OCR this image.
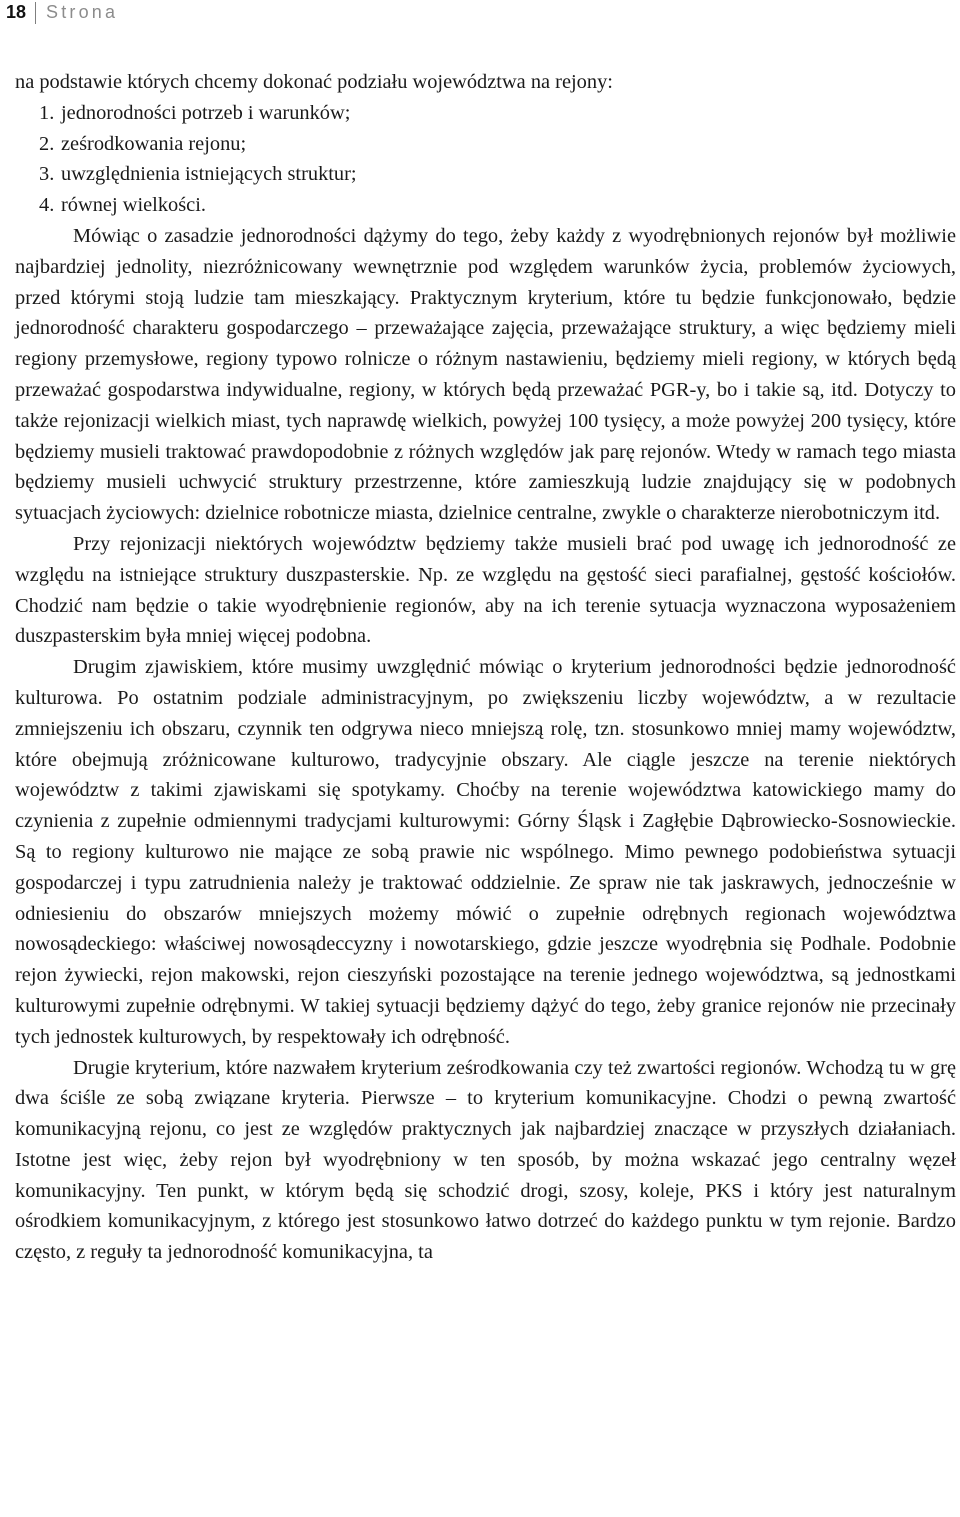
18 Strona

na podstawie których chcemy dokonać podziału województwa na rejony:

1. jednorodności potrzeb i warunków;
2. ześrodkowania rejonu;
3. uwzględnienia istniejących struktur;
4. równej wielkości.

Mówiąc o zasadzie jednorodności dążymy do tego, żeby każdy z wyodrębnionych rejonów był możliwie najbardziej jednolity, niezróżnicowany wewnętrznie pod względem warunków życia, problemów życiowych, przed którymi stoją ludzie tam mieszkający. Praktycznym kryterium, które tu będzie funkcjonowało, będzie jednorodność charakteru gospodarczego – przeważające zajęcia, przeważające struktury, a więc będziemy mieli regiony przemysłowe, regiony typowo rolnicze o różnym nastawieniu, będziemy mieli regiony, w których będą przeważać gospodarstwa indywidualne, regiony, w których będą przeważać PGR-y, bo i takie są, itd. Dotyczy to także rejonizacji wielkich miast, tych naprawdę wielkich, powyżej 100 tysięcy, a może powyżej 200 tysięcy, które będziemy musieli traktować prawdopodobnie z różnych względów jak parę rejonów. Wtedy w ramach tego miasta będziemy musieli uchwycić struktury przestrzenne, które zamieszkują ludzie znajdujący się w podobnych sytuacjach życiowych: dzielnice robotnicze miasta, dzielnice centralne, zwykle o charakterze nierobotniczym itd.

Przy rejonizacji niektórych województw będziemy także musieli brać pod uwagę ich jednorodność ze względu na istniejące struktury duszpasterskie. Np. ze względu na gęstość sieci parafialnej, gęstość kościołów. Chodzić nam będzie o takie wyodrębnienie regionów, aby na ich terenie sytuacja wyznaczona wyposażeniem duszpasterskim była mniej więcej podobna.

Drugim zjawiskiem, które musimy uwzględnić mówiąc o kryterium jednorodności będzie jednorodność kulturowa. Po ostatnim podziale administracyjnym, po zwiększeniu liczby województw, a w rezultacie zmniejszeniu ich obszaru, czynnik ten odgrywa nieco mniejszą rolę, tzn. stosunkowo mniej mamy województw, które obejmują zróżnicowane kulturowo, tradycyjnie obszary. Ale ciągle jeszcze na terenie niektórych województw z takimi zjawiskami się spotykamy. Choćby na terenie województwa katowickiego mamy do czynienia z zupełnie odmiennymi tradycjami kulturowymi: Górny Śląsk i Zagłębie Dąbrowiecko-Sosnowieckie. Są to regiony kulturowo nie mające ze sobą prawie nic wspólnego. Mimo pewnego podobieństwa sytuacji gospodarczej i typu zatrudnienia należy je traktować oddzielnie. Ze spraw nie tak jaskrawych, jednocześnie w odniesieniu do obszarów mniejszych możemy mówić o zupełnie odrębnych regionach województwa nowosądeckiego: właściwej nowosądeccyzny i nowotarskiego, gdzie jeszcze wyodrębnia się Podhale. Podobnie rejon żywiecki, rejon makowski, rejon cieszyński pozostające na terenie jednego województwa, są jednostkami kulturowymi zupełnie odrębnymi. W takiej sytuacji będziemy dążyć do tego, żeby granice rejonów nie przecinały tych jednostek kulturowych, by respektowały ich odrębność.

Drugie kryterium, które nazwałem kryterium ześrodkowania czy też zwartości regionów. Wchodzą tu w grę dwa ściśle ze sobą związane kryteria. Pierwsze – to kryterium komunikacyjne. Chodzi o pewną zwartość komunikacyjną rejonu, co jest ze względów praktycznych jak najbardziej znaczące w przyszłych działaniach. Istotne jest więc, żeby rejon był wyodrębniony w ten sposób, by można wskazać jego centralny węzeł komunikacyjny. Ten punkt, w którym będą się schodzić drogi, szosy, koleje, PKS i który jest naturalnym ośrodkiem komunikacyjnym, z którego jest stosunkowo łatwo dotrzeć do każdego punktu w tym rejonie. Bardzo często, z reguły ta jednorodność komunikacyjna, ta
